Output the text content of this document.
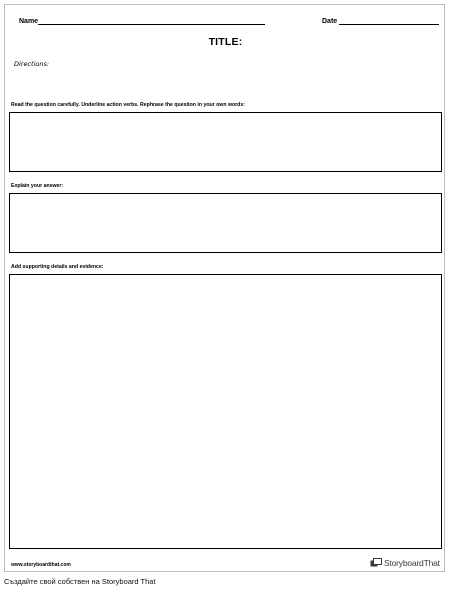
Name	Date
TITLE:
Directions:
Read the question carefully. Underline action verbs. Rephrase the question in your own words:
Explain your answer:
Add supporting details and evidence:
www.storyboardthat.com	StoryboardThat
Създайте свой собствен на Storyboard That
